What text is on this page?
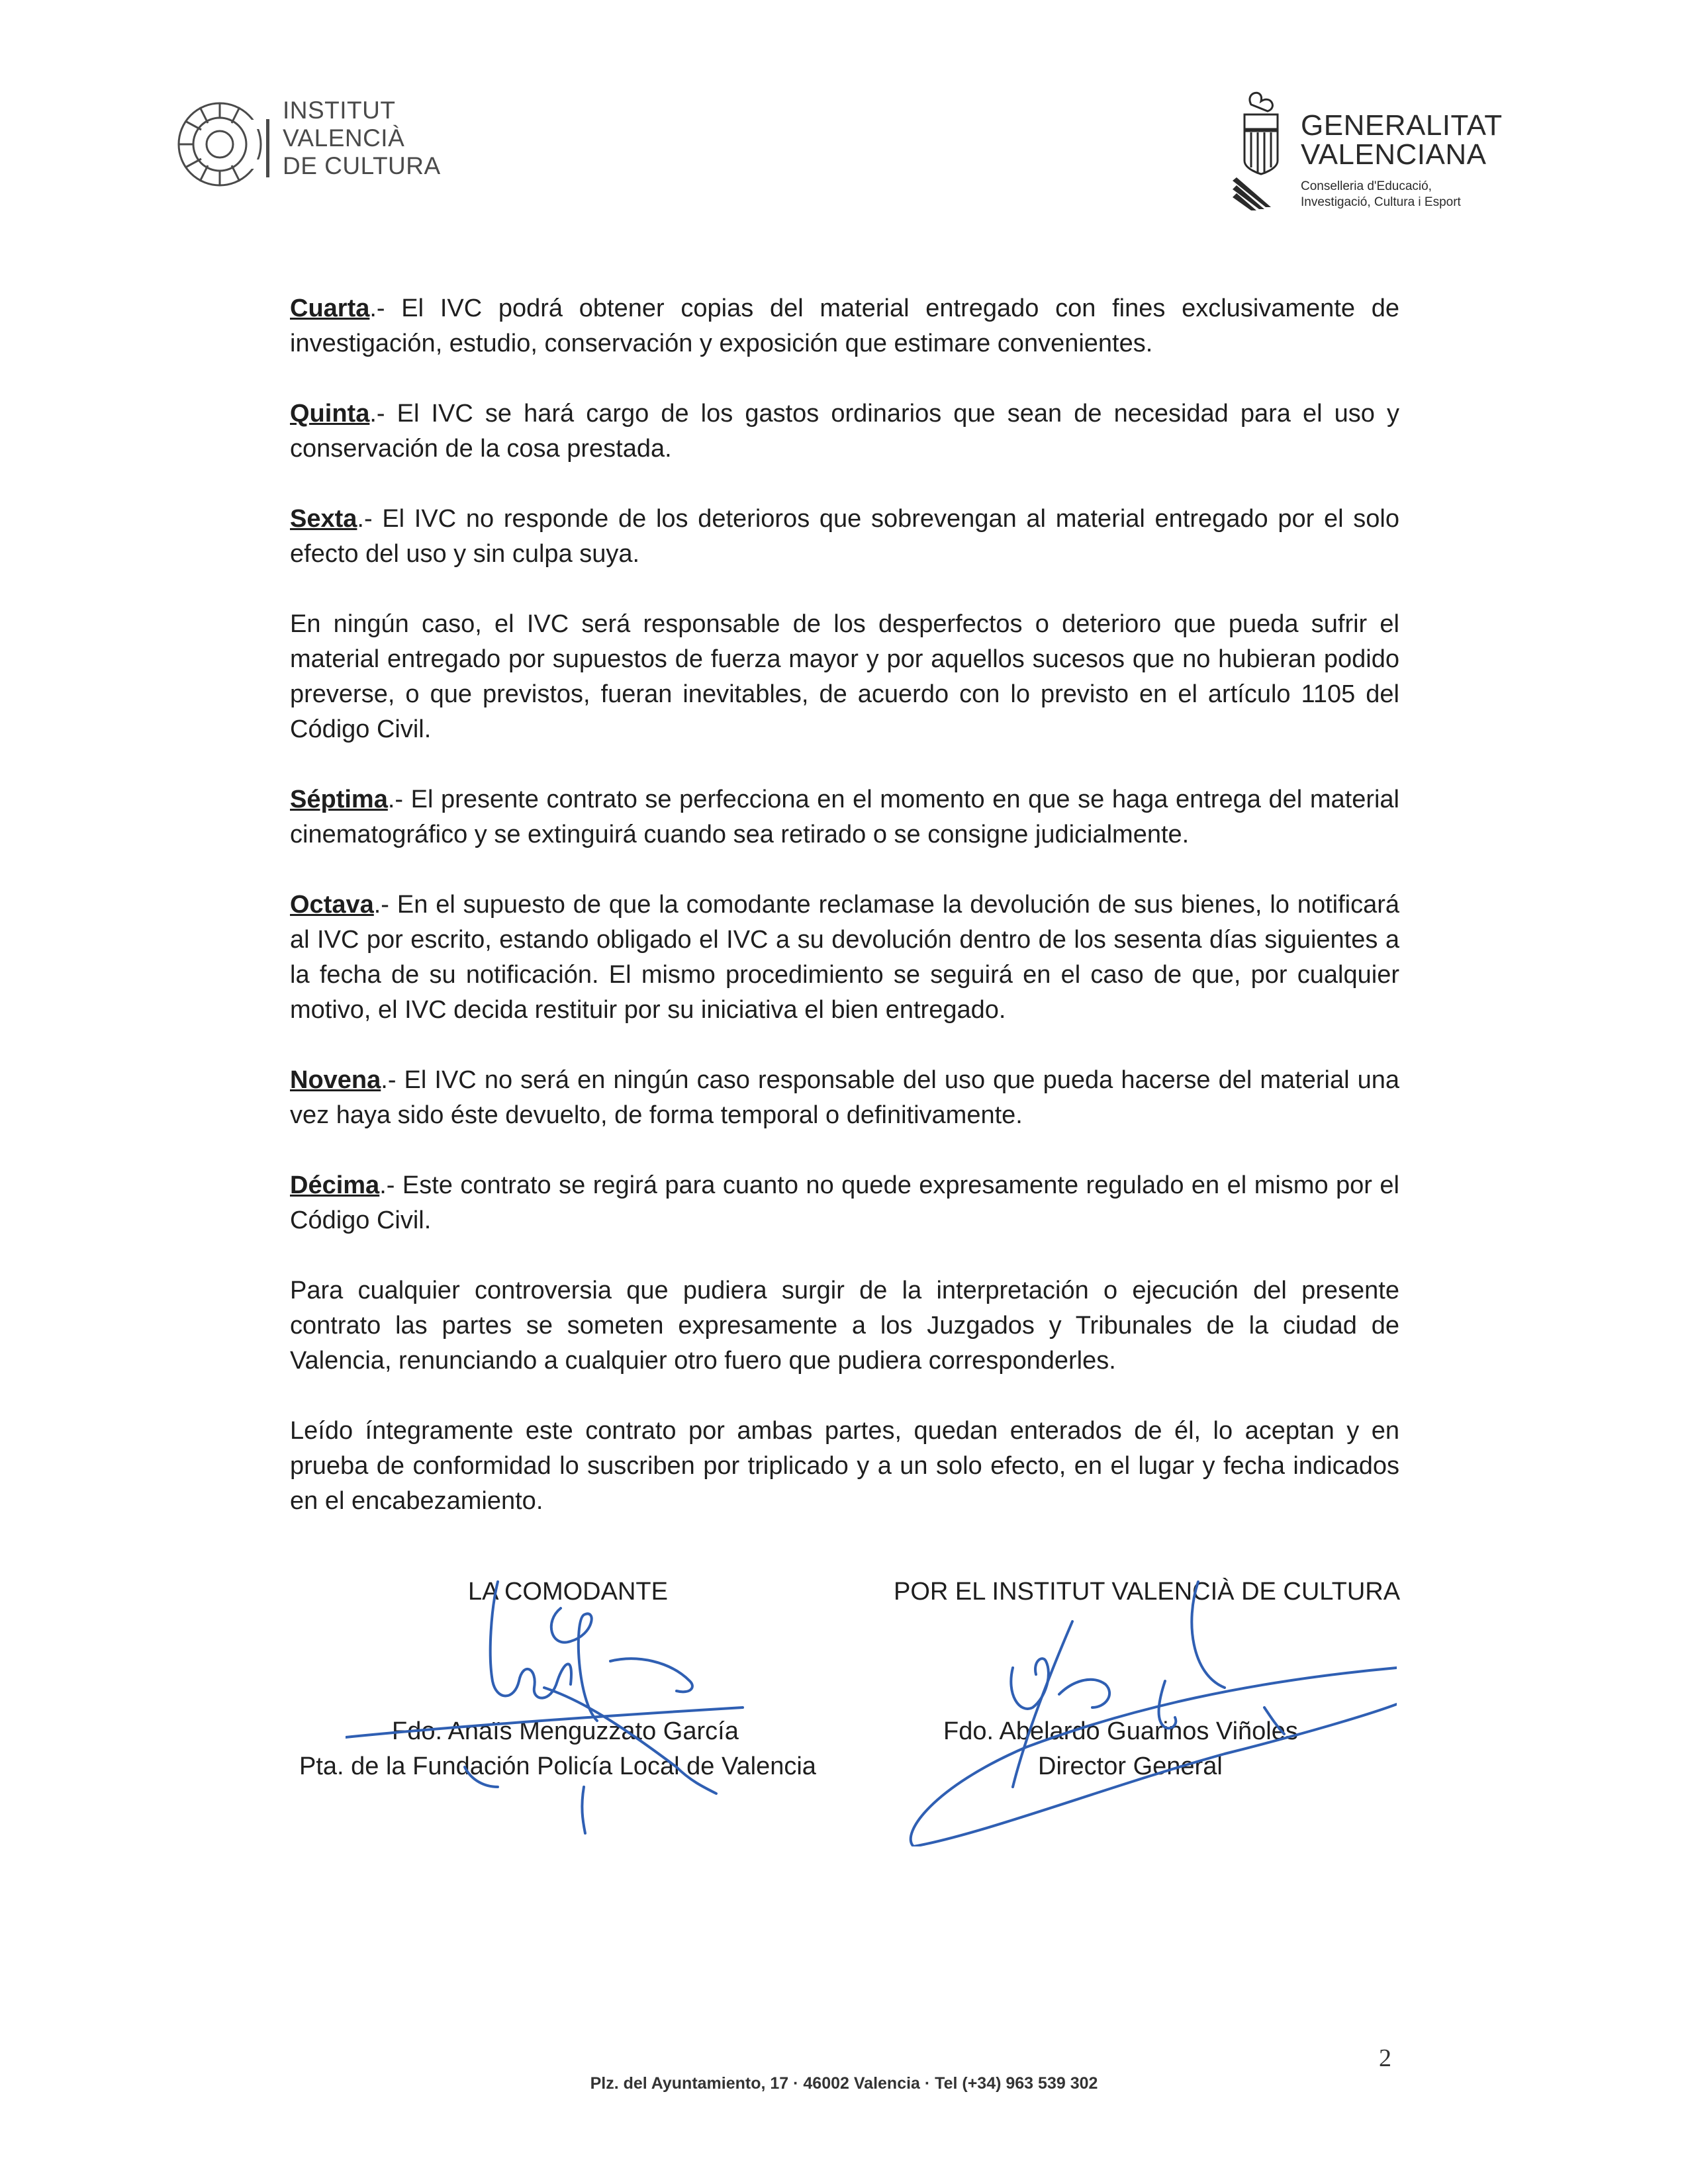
INSTITUT
VALENCIÀ
DE CULTURA
GENERALITAT
VALENCIANA
Conselleria d'Educació,
Investigació, Cultura i Esport

Cuarta.- El IVC podrá obtener copias del material entregado con fines exclusivamente de investigación, estudio, conservación y exposición que estimare convenientes.

Quinta.- El IVC se hará cargo de los gastos ordinarios que sean de necesidad para el uso y conservación de la cosa prestada.

Sexta.- El IVC no responde de los deterioros que sobrevengan al material entregado por el solo efecto del uso y sin culpa suya.

En ningún caso, el IVC será responsable de los desperfectos o deterioro que pueda sufrir el material entregado por supuestos de fuerza mayor y por aquellos sucesos que no hubieran podido preverse, o que previstos, fueran inevitables, de acuerdo con lo previsto en el artículo 1105 del Código Civil.

Séptima.- El presente contrato se perfecciona en el momento en que se haga entrega del material cinematográfico y se extinguirá cuando sea retirado o se consigne judicialmente.

Octava.- En el supuesto de que la comodante reclamase la devolución de sus bienes, lo notificará al IVC por escrito, estando obligado el IVC a su devolución dentro de los sesenta días siguientes a la fecha de su notificación. El mismo procedimiento se seguirá en el caso de que, por cualquier motivo, el IVC decida restituir por su iniciativa el bien entregado.

Novena.- El IVC no será en ningún caso responsable del uso que pueda hacerse del material una vez haya sido éste devuelto, de forma temporal o definitivamente.

Décima.- Este contrato se regirá para cuanto no quede expresamente regulado en el mismo por el Código Civil.

Para cualquier controversia que pudiera surgir de la interpretación o ejecución del presente contrato las partes se someten expresamente a los Juzgados y Tribunales de la ciudad de Valencia, renunciando a cualquier otro fuero que pudiera corresponderles.

Leído íntegramente este contrato por ambas partes, quedan enterados de él, lo aceptan y en prueba de conformidad lo suscriben por triplicado y a un solo efecto, en el lugar y fecha indicados en el encabezamiento.

LA COMODANTE
Fdo. Anaïs Menguzzato García
Pta. de la Fundación Policía Local de Valencia
POR EL INSTITUT VALENCIÀ DE CULTURA
Fdo. Abelardo Guarinos Viñoles
Director General
2
Plz. del Ayuntamiento, 17 · 46002 Valencia · Tel (+34) 963 539 302
